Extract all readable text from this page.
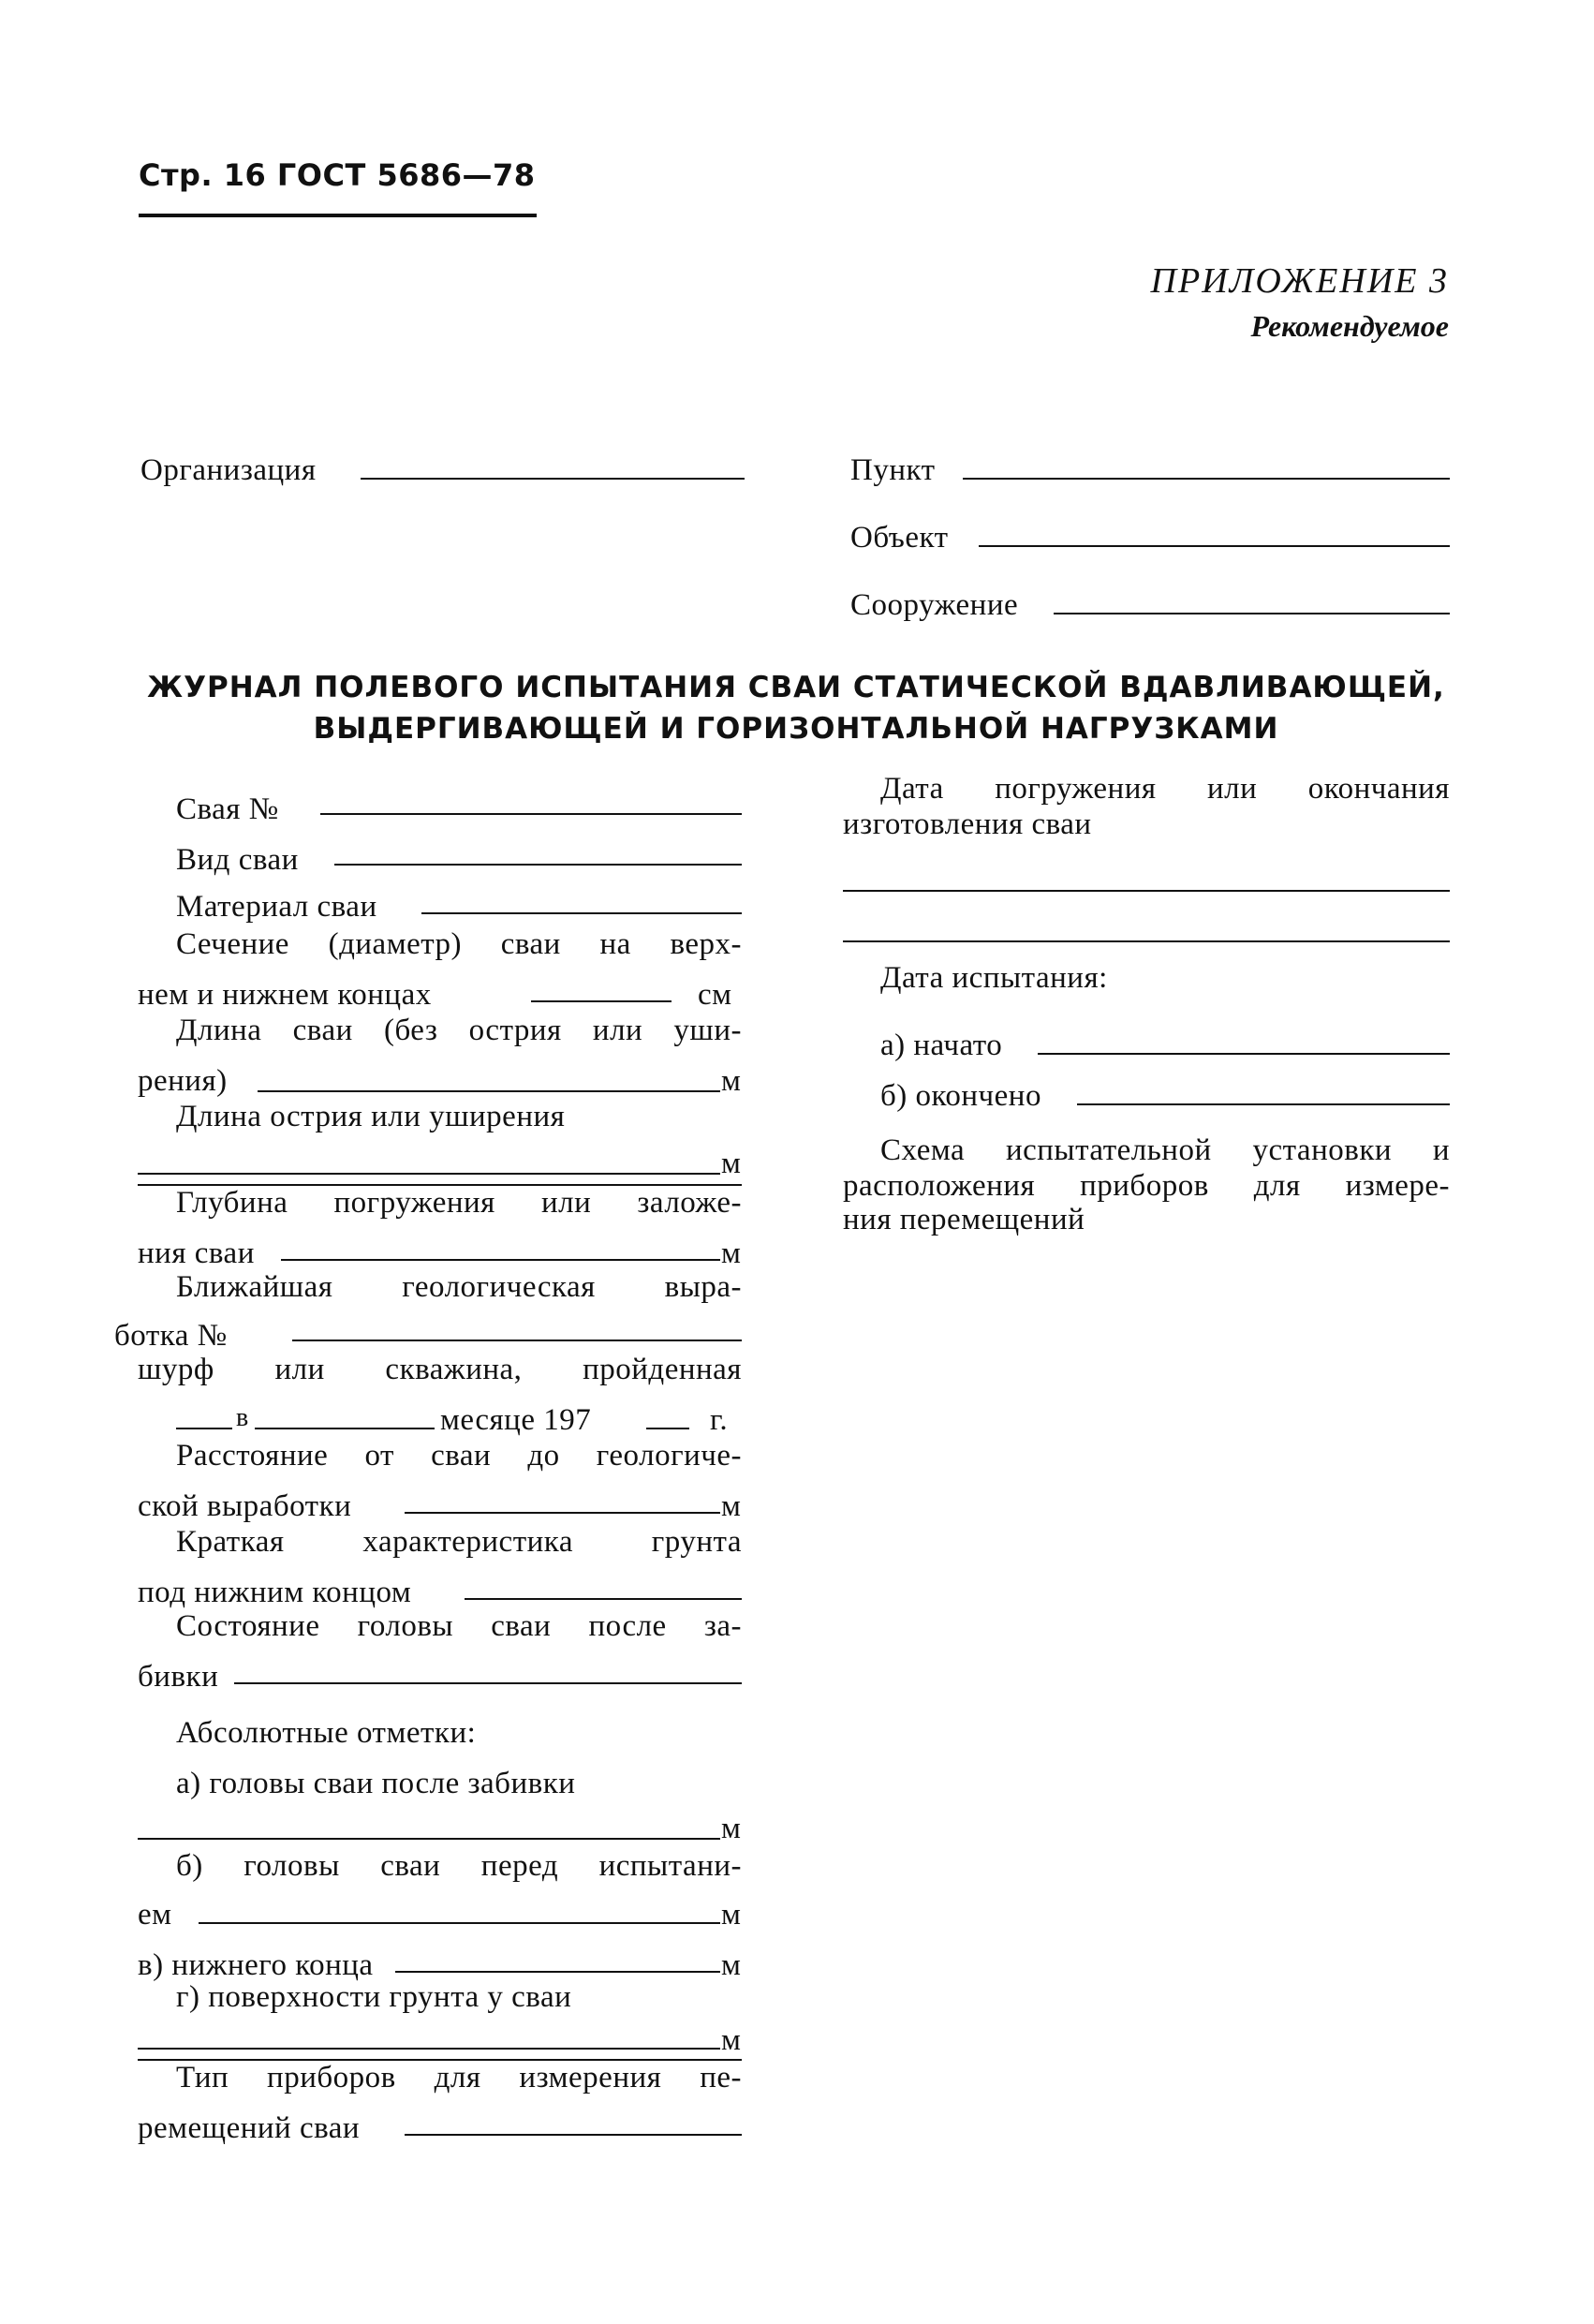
Стр. 16 ГОСТ 5686—78
ПРИЛОЖЕНИЕ 3
Рекомендуемое
Организация	Пункт
Объект
Сооружение
ЖУРНАЛ ПОЛЕВОГО ИСПЫТАНИЯ СВАИ СТАТИЧЕСКОЙ ВДАВЛИВАЮЩЕЙ,
ВЫДЕРГИВАЮЩЕЙ И ГОРИЗОНТАЛЬНОЙ НАГРУЗКАМИ
Свая №
Вид сваи
Материал сваи
Сечение (диаметр) сваи на верх-
нем и нижнем концах	см
Длина сваи (без острия или уши-
рения)	м
Длина острия или уширения
м
Глубина погружения или заложе-
ния сваи	м
Ближайшая геологическая выра-
ботка №
шурф или скважина, пройденная
в	месяце 197	г.
Расстояние от сваи до геологиче-
ской выработки	м
Краткая характеристика грунта
под нижним концом
Состояние головы сваи после за-
бивки
Абсолютные отметки:
а) головы сваи после забивки
м
б) головы сваи перед испытани-
ем	м
в) нижнего конца	м
г) поверхности грунта у сваи
м
Тип приборов для измерения пе-
ремещений сваи
Дата погружения или окончания
изготовления сваи
Дата испытания:
а) начато
б) окончено
Схема испытательной установки и
расположения приборов для измере-
ния перемещений
